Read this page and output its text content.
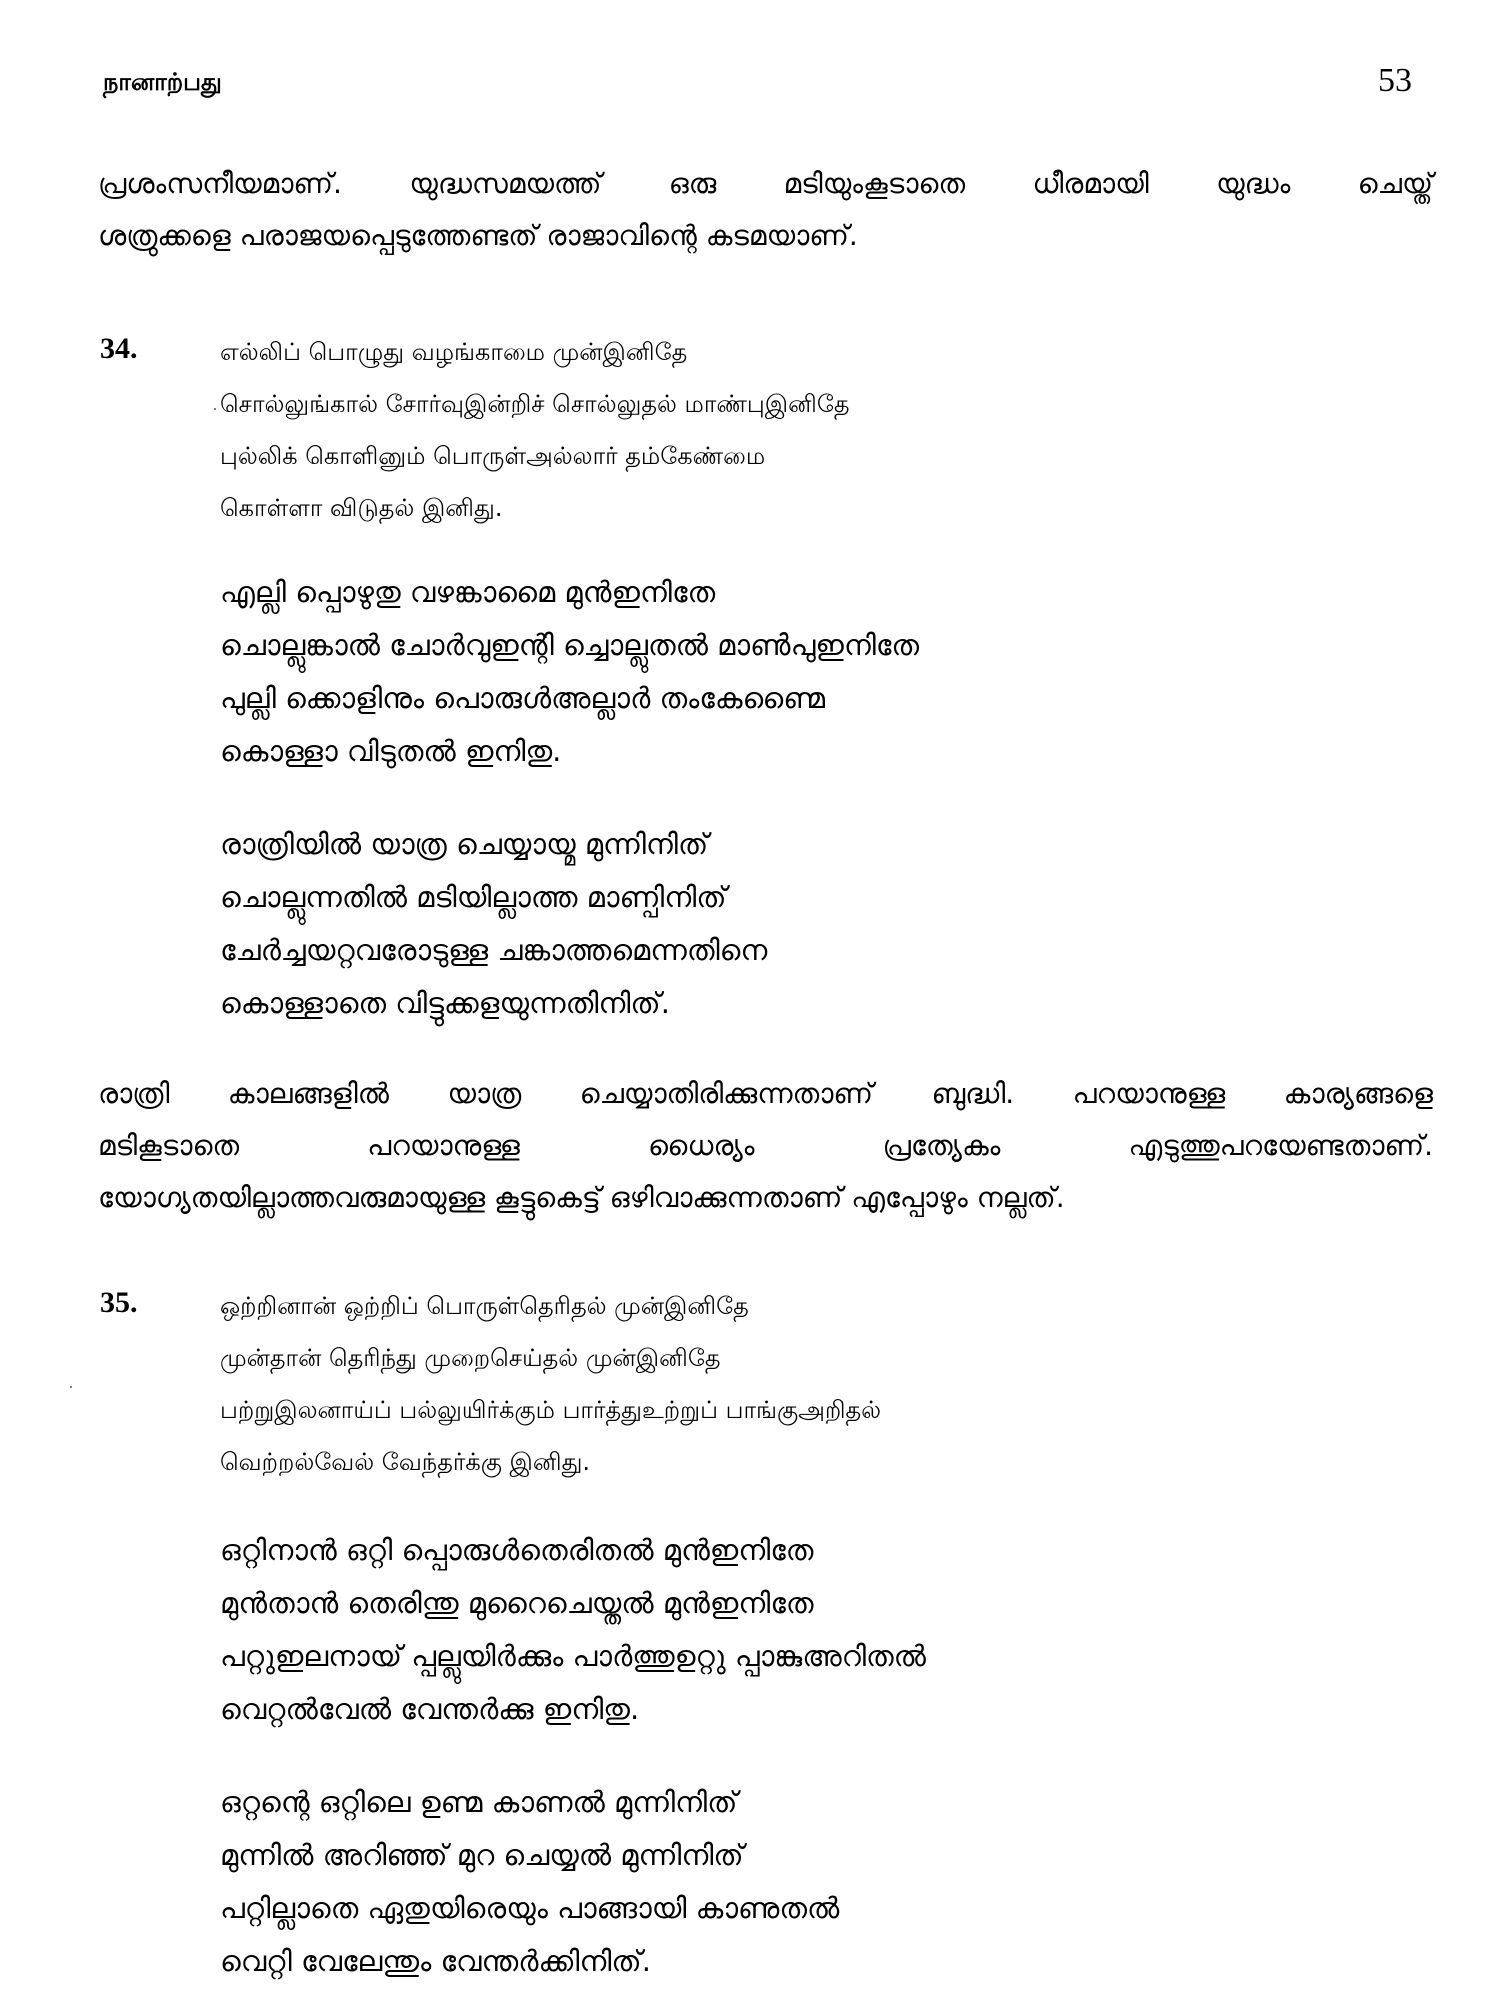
நானாற்பது	53
പ്രശംസനീയമാണ്. യുദ്ധസമയത്ത് ഒരു മടിയുംകൂടാതെ ധീരമായി യുദ്ധം ചെയ്ത്
ശത്രുക്കളെ പരാജയപ്പെടുത്തേണ്ടത് രാജാവിന്റെ കടമയാണ്.
34.	எல்லிப் பொழுது வழங்காமை முன்இனிதே
சொல்லுங்கால் சோர்வுஇன்றிச் சொல்லுதல் மாண்புஇனிதே
புல்லிக் கொளினும் பொருள்அல்லார் தம்கேண்மை
கொள்ளா விடுதல் இனிது.
എല്ലി പ്പൊഴുതു വഴങ്കാമൈ മുൻഇനിതേ
ചൊല്ലുങ്കാൽ ചോർവുഇന്റി ച്ചൊല്ലുതൽ മാൺപുഇനിതേ
പുല്ലി ക്കൊളിനും പൊരുൾഅല്ലാർ തംകേണ്മൈ
കൊള്ളാ വിടുതൽ ഇനിതു.
രാത്രിയിൽ യാത്ര ചെയ്യായ്മ മുന്നിനിത്
ചൊല്ലുന്നതിൽ മടിയില്ലാത്ത മാണ്പിനിത്
ചേർച്ചയറ്റവരോടുള്ള ചങ്കാത്തമെന്നതിനെ
കൊള്ളാതെ വിട്ടുക്കളയുന്നതിനിത്.
രാത്രി കാലങ്ങളിൽ യാത്ര ചെയ്യാതിരിക്കുന്നതാണ് ബുദ്ധി. പറയാനുള്ള കാര്യങ്ങളെ
മടികൂടാതെ പറയാനുള്ള ധൈര്യം പ്രത്യേകം എടുത്തുപറയേണ്ടതാണ്.
യോഗ്യതയില്ലാത്തവരുമായുള്ള കൂട്ടുകെട്ട് ഒഴിവാക്കുന്നതാണ് എപ്പോഴും നല്ലത്.
35.	ஒற்றினான் ஒற்றிப் பொருள்தெரிதல் முன்இனிதே
முன்தான் தெரிந்து முறைசெய்தல் முன்இனிதே
பற்றுஇலனாய்ப் பல்லுயிர்க்கும் பார்த்துஉற்றுப் பாங்குஅறிதல்
வெற்றல்வேல் வேந்தர்க்கு இனிது.
ഒറ്റിനാൻ ഒറ്റി പ്പൊരുൾതെരിതൽ മുൻഇനിതേ
മുൻതാൻ തെരിന്തു മുറൈചെയ്തൽ മുൻഇനിതേ
പറ്റുഇലനായ് പ്പല്ലുയിർക്കും പാർത്തുഉറ്റു പ്പാങ്കുഅറിതൽ
വെറ്റൽവേൽ വേന്തർക്കു ഇനിതു.
ഒറ്റന്റെ ഒറ്റിലെ ഉണ്മ കാണൽ മുന്നിനിത്
മുന്നിൽ അറിഞ്ഞ് മുറ ചെയ്യൽ മുന്നിനിത്
പറ്റില്ലാതെ ഏതുയിരെയും പാങ്ങായി കാണുതൽ
വെറ്റി വേലേന്തും വേന്തർക്കിനിത്.
